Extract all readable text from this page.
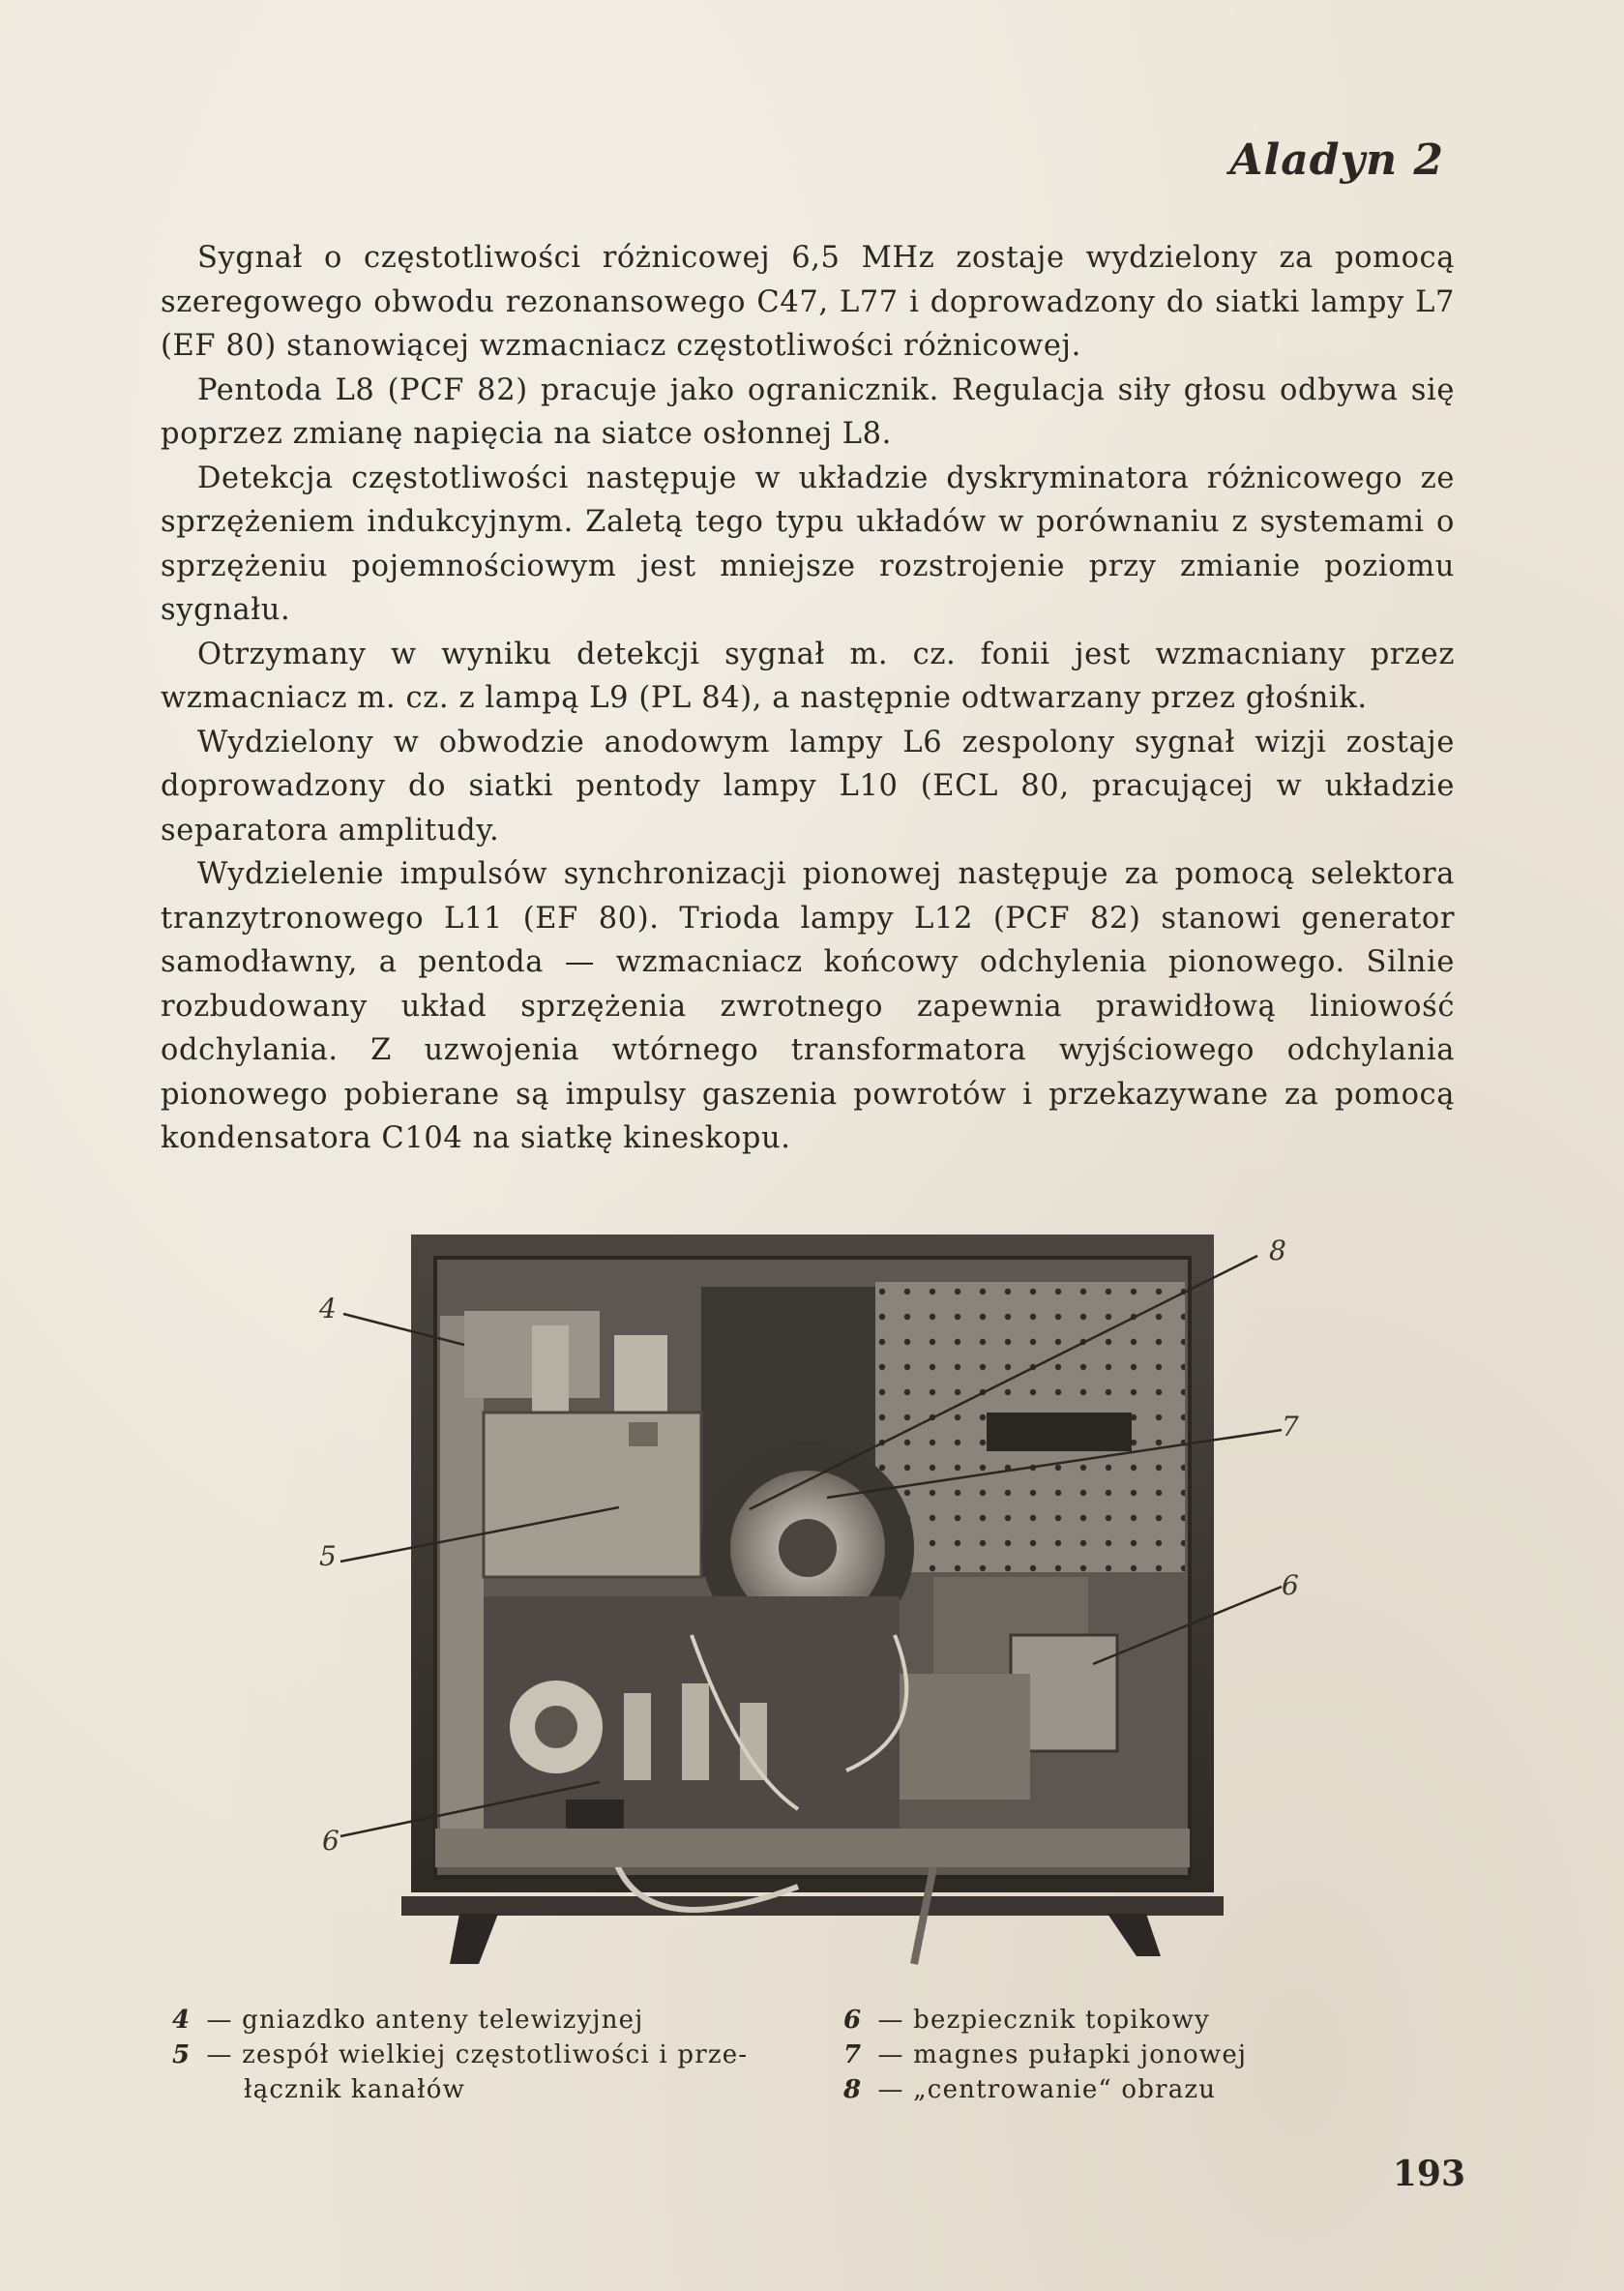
Aladyn 2

Sygnał o częstotliwości różnicowej 6,5 MHz zostaje wydzielony za pomocą szeregowego obwodu rezonansowego C47, L77 i doprowadzony do siatki lampy L7 (EF 80) stanowiącej wzmacniacz częstotliwości różnicowej.

Pentoda L8 (PCF 82) pracuje jako ogranicznik. Regulacja siły głosu odbywa się poprzez zmianę napięcia na siatce osłonnej L8.

Detekcja częstotliwości następuje w układzie dyskryminatora różnicowego ze sprzężeniem indukcyjnym. Zaletą tego typu układów w porównaniu z systemami o sprzężeniu pojemnościowym jest mniejsze rozstrojenie przy zmianie poziomu sygnału.

Otrzymany w wyniku detekcji sygnał m. cz. fonii jest wzmacniany przez wzmacniacz m. cz. z lampą L9 (PL 84), a następnie odtwarzany przez głośnik.

Wydzielony w obwodzie anodowym lampy L6 zespolony sygnał wizji zostaje doprowadzony do siatki pentody lampy L10 (ECL 80, pracującej w układzie separatora amplitudy.

Wydzielenie impulsów synchronizacji pionowej następuje za pomocą selektora tranzytronowego L11 (EF 80). Trioda lampy L12 (PCF 82) stanowi generator samodławny, a pentoda — wzmacniacz końcowy odchylenia pionowego. Silnie rozbudowany układ sprzężenia zwrotnego zapewnia prawidłową liniowość odchylania. Z uzwojenia wtórnego transformatora wyjściowego odchylania pionowego pobierane są impulsy gaszenia powrotów i przekazywane za pomocą kondensatora C104 na siatkę kineskopu.

4
5
6
6
7
8
4 — gniazdko anteny telewizyjnej
5 — zespół wielkiej częstotliwości i prze-
łącznik kanałów
6 — bezpiecznik topikowy
7 — magnes pułapki jonowej
8 — „centrowanie“ obrazu
193
